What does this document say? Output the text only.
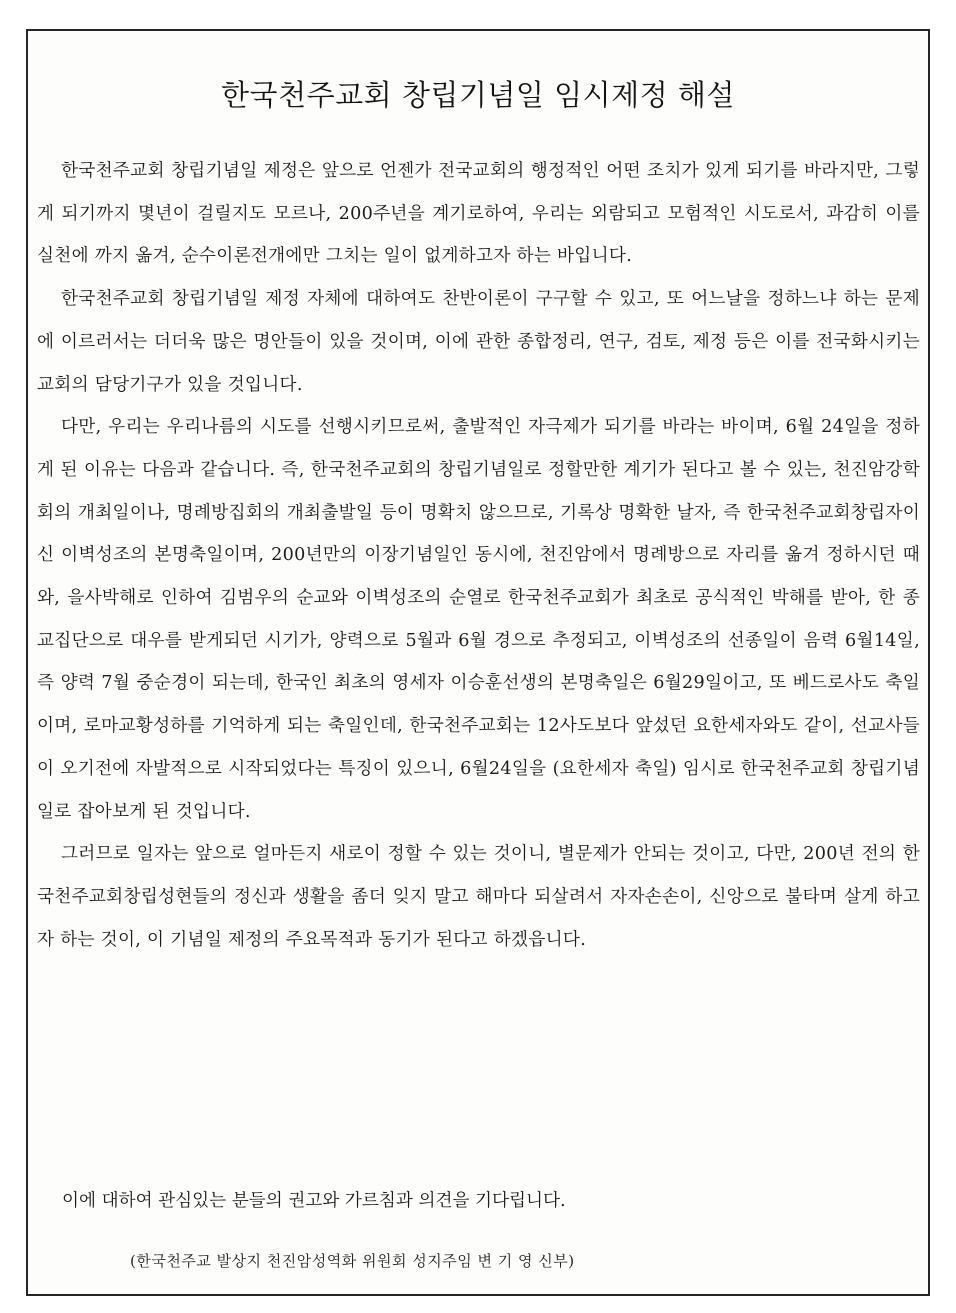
한국천주교회 창립기념일 임시제정 해설

한국천주교회 창립기념일 제정은 앞으로 언젠가 전국교회의 행정적인 어떤 조치가 있게 되기를 바라지만, 그렇게 되기까지 몇년이 걸릴지도 모르나, 200주년을 계기로하여, 우리는 외람되고 모험적인 시도로서, 과감히 이를 실천에 까지 옮겨, 순수이론전개에만 그치는 일이 없게하고자 하는 바입니다.

한국천주교회 창립기념일 제정 자체에 대하여도 찬반이론이 구구할 수 있고, 또 어느날을 정하느냐 하는 문제에 이르러서는 더더욱 많은 명안들이 있을 것이며, 이에 관한 종합정리, 연구, 검토, 제정 등은 이를 전국화시키는 교회의 담당기구가 있을 것입니다.

다만, 우리는 우리나름의 시도를 선행시키므로써, 출발적인 자극제가 되기를 바라는 바이며, 6월 24일을 정하게 된 이유는 다음과 같습니다. 즉, 한국천주교회의 창립기념일로 정할만한 계기가 된다고 볼 수 있는, 천진암강학회의 개최일이나, 명례방집회의 개최출발일 등이 명확치 않으므로, 기록상 명확한 날자, 즉 한국천주교회창립자이신 이벽성조의 본명축일이며, 200년만의 이장기념일인 동시에, 천진암에서 명례방으로 자리를 옮겨 정하시던 때와, 을사박해로 인하여 김범우의 순교와 이벽성조의 순열로 한국천주교회가 최초로 공식적인 박해를 받아, 한 종교집단으로 대우를 받게되던 시기가, 양력으로 5월과 6월 경으로 추정되고, 이벽성조의 선종일이 음력 6월14일, 즉 양력 7월 중순경이 되는데, 한국인 최초의 영세자 이승훈선생의 본명축일은 6월29일이고, 또 베드로사도 축일이며, 로마교황성하를 기억하게 되는 축일인데, 한국천주교회는 12사도보다 앞섰던 요한세자와도 같이, 선교사들이 오기전에 자발적으로 시작되었다는 특징이 있으니, 6월24일을 (요한세자 축일) 임시로 한국천주교회 창립기념일로 잡아보게 된 것입니다.

그러므로 일자는 앞으로 얼마든지 새로이 정할 수 있는 것이니, 별문제가 안되는 것이고, 다만, 200년 전의 한국천주교회창립성현들의 정신과 생활을 좀더 잊지 말고 해마다 되살려서 자자손손이, 신앙으로 불타며 살게 하고자 하는 것이, 이 기념일 제정의 주요목적과 동기가 된다고 하겠읍니다.

이에 대하여 관심있는 분들의 권고와 가르침과 의견을 기다립니다.

(한국천주교 발상지 천진암성역화 위원회 성지주임 변 기 영 신부)
